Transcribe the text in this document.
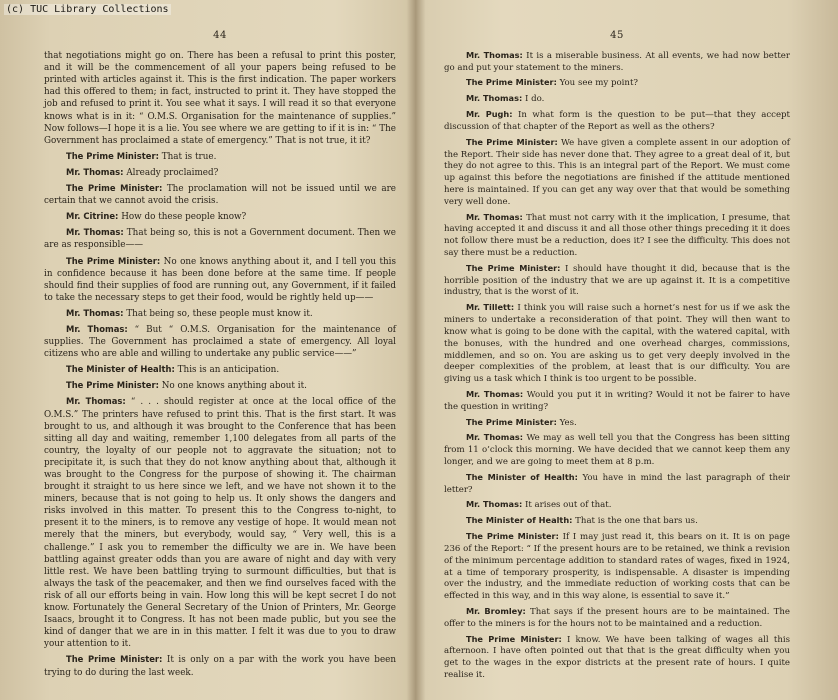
(c) TUC Library Collections
44

that negotiations might go on. There has been a refusal to print this poster, and it will be the commencement of all your papers being refused to be printed with articles against it. This is the first indication. The paper workers had this offered to them; in fact, instructed to print it. They have stopped the job and refused to print it. You see what it says. I will read it so that everyone knows what is in it: “ O.M.S. Organisation for the maintenance of supplies.” Now follows—I hope it is a lie. You see where we are getting to if it is in: “ The Government has proclaimed a state of emergency.” That is not true, it it?

The Prime Minister: That is true.

Mr. Thomas: Already proclaimed?

The Prime Minister: The proclamation will not be issued until we are certain that we cannot avoid the crisis.

Mr. Citrine: How do these people know?

Mr. Thomas: That being so, this is not a Government document. Then we are as responsible——

The Prime Minister: No one knows anything about it, and I tell you this in confidence because it has been done before at the same time. If people should find their supplies of food are running out, any Government, if it failed to take the necessary steps to get their food, would be rightly held up——

Mr. Thomas: That being so, these people must know it.

Mr. Thomas: “ But “ O.M.S. Organisation for the maintenance of supplies. The Government has proclaimed a state of emergency. All loyal citizens who are able and willing to undertake any public service——”

The Minister of Health: This is an anticipation.

The Prime Minister: No one knows anything about it.

Mr. Thomas: “ . . . should register at once at the local office of the O.M.S.” The printers have refused to print this. That is the first start. It was brought to us, and although it was brought to the Conference that has been sitting all day and waiting, remember 1,100 delegates from all parts of the country, the loyalty of our people not to aggravate the situation; not to precipitate it, is such that they do not know anything about that, although it was brought to the Congress for the purpose of showing it. The chairman brought it straight to us here since we left, and we have not shown it to the miners, because that is not going to help us. It only shows the dangers and risks involved in this matter. To present this to the Congress to-night, to present it to the miners, is to remove any vestige of hope. It would mean not merely that the miners, but everybody, would say, “ Very well, this is a challenge.” I ask you to remember the difficulty we are in. We have been battling against greater odds than you are aware of night and day with very little rest. We have been battling trying to surmount difficulties, but that is always the task of the peacemaker, and then we find ourselves faced with the risk of all our efforts being in vain. How long this will be kept secret I do not know. Fortunately the General Secretary of the Union of Printers, Mr. George Isaacs, brought it to Congress. It has not been made public, but you see the kind of danger that we are in in this matter. I felt it was due to you to draw your attention to it.

The Prime Minister: It is only on a par with the work you have been trying to do during the last week.

45

Mr. Thomas: It is a miserable business. At all events, we had now better go and put your statement to the miners.

The Prime Minister: You see my point?

Mr. Thomas: I do.

Mr. Pugh: In what form is the question to be put—that they accept discussion of that chapter of the Report as well as the others?

The Prime Minister: We have given a complete assent in our adoption of the Report. Their side has never done that. They agree to a great deal of it, but they do not agree to this. This is an integral part of the Report. We must come up against this before the negotiations are finished if the attitude mentioned here is maintained. If you can get any way over that that would be something very well done.

Mr. Thomas: That must not carry with it the implication, I presume, that having accepted it and discuss it and all those other things preceding it it does not follow there must be a reduction, does it? I see the difficulty. This does not say there must be a reduction.

The Prime Minister: I should have thought it did, because that is the horrible position of the industry that we are up against it. It is a competitive industry, that is the worst of it.

Mr. Tillett: I think you will raise such a hornet’s nest for us if we ask the miners to undertake a reconsideration of that point. They will then want to know what is going to be done with the capital, with the watered capital, with the bonuses, with the hundred and one overhead charges, commissions, middlemen, and so on. You are asking us to get very deeply involved in the deeper complexities of the problem, at least that is our difficulty. You are giving us a task which I think is too urgent to be possible.

Mr. Thomas: Would you put it in writing? Would it not be fairer to have the question in writing?

The Prime Minister: Yes.

Mr. Thomas: We may as well tell you that the Congress has been sitting from 11 o’clock this morning. We have decided that we cannot keep them any longer, and we are going to meet them at 8 p.m.

The Minister of Health: You have in mind the last paragraph of their letter?

Mr. Thomas: It arises out of that.

The Minister of Health: That is the one that bars us.

The Prime Minister: If I may just read it, this bears on it. It is on page 236 of the Report: “ If the present hours are to be retained, we think a revision of the minimum percentage addition to standard rates of wages, fixed in 1924, at a time of temporary prosperity, is indispensable. A disaster is impending over the industry, and the immediate reduction of working costs that can be effected in this way, and in this way alone, is essential to save it.”

Mr. Bromley: That says if the present hours are to be maintained. The offer to the miners is for the hours not to be maintained and a reduction.

The Prime Minister: I know. We have been talking of wages all this afternoon. I have often pointed out that that is the great difficulty when you get to the wages in the expor districts at the present rate of hours. I quite realise it.
